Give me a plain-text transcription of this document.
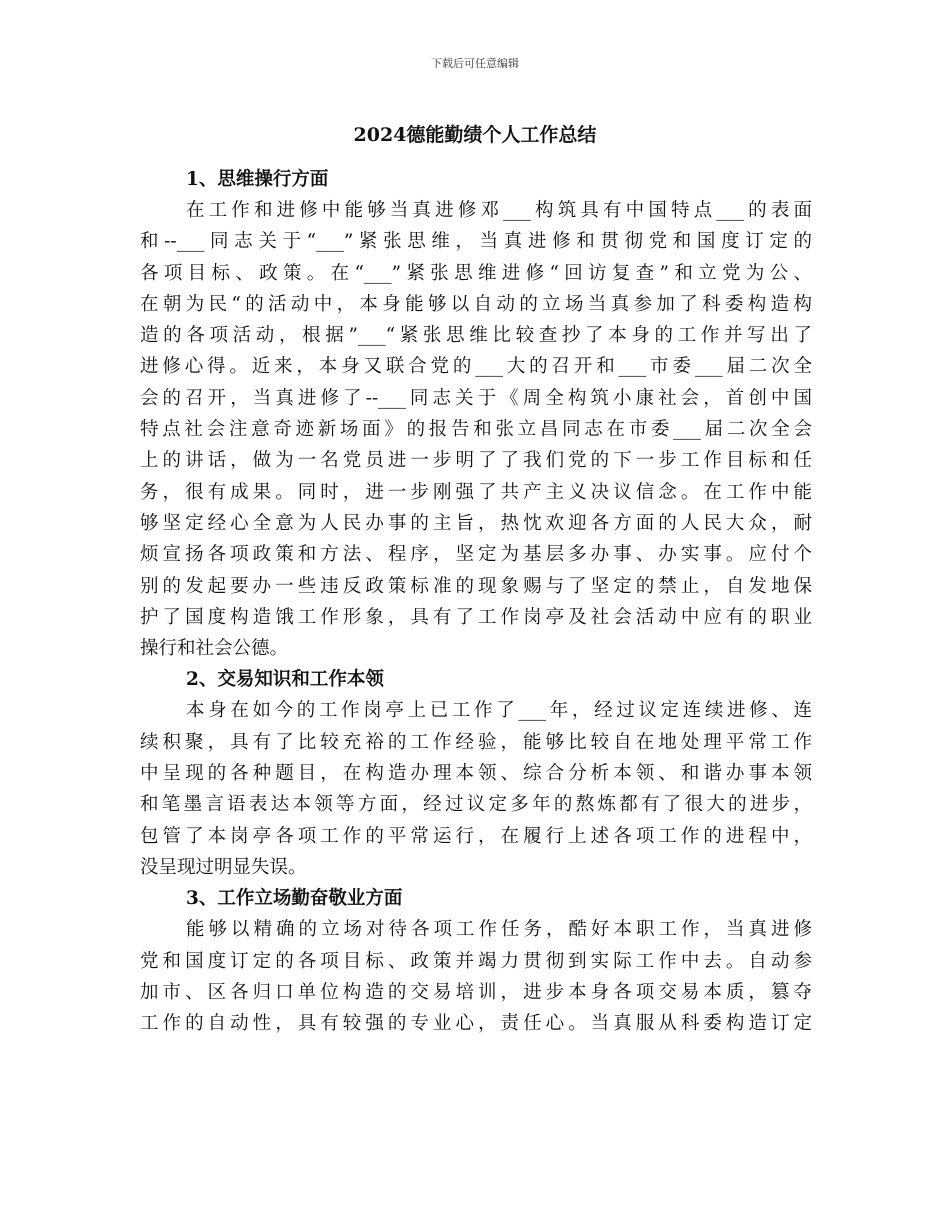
下载后可任意编辑
2024德能勤绩个人工作总结
1、思维操行方面
在工作和进修中能够当真进修邓___构筑具有中国特点___的表面
和--___同志关于“___”紧张思维，当真进修和贯彻党和国度订定的
各项目标、政策。在“___”紧张思维进修“回访复查”和立党为公、
在朝为民“的活动中，本身能够以自动的立场当真参加了科委构造构
造的各项活动，根据”___“紧张思维比较查抄了本身的工作并写出了
进修心得。近来，本身又联合党的___大的召开和___市委___届二次全
会的召开，当真进修了--___同志关于《周全构筑小康社会，首创中国
特点社会注意奇迹新场面》的报告和张立昌同志在市委___届二次全会
上的讲话，做为一名党员进一步明了了我们党的下一步工作目标和任
务，很有成果。同时，进一步刚强了共产主义决议信念。在工作中能
够坚定经心全意为人民办事的主旨，热忱欢迎各方面的人民大众，耐
烦宣扬各项政策和方法、程序，坚定为基层多办事、办实事。应付个
别的发起要办一些违反政策标准的现象赐与了坚定的禁止，自发地保
护了国度构造饿工作形象，具有了工作岗亭及社会活动中应有的职业
操行和社会公德。
2、交易知识和工作本领
本身在如今的工作岗亭上已工作了___年，经过议定连续进修、连
续积聚，具有了比较充裕的工作经验，能够比较自在地处理平常工作
中呈现的各种题目，在构造办理本领、综合分析本领、和谐办事本领
和笔墨言语表达本领等方面，经过议定多年的熬炼都有了很大的进步，
包管了本岗亭各项工作的平常运行，在履行上述各项工作的进程中，
没呈现过明显失误。
3、工作立场勤奋敬业方面
能够以精确的立场对待各项工作任务，酷好本职工作，当真进修
党和国度订定的各项目标、政策并竭力贯彻到实际工作中去。自动参
加市、区各归口单位构造的交易培训，进步本身各项交易本质，篡夺
工作的自动性，具有较强的专业心，责任心。当真服从科委构造订定
